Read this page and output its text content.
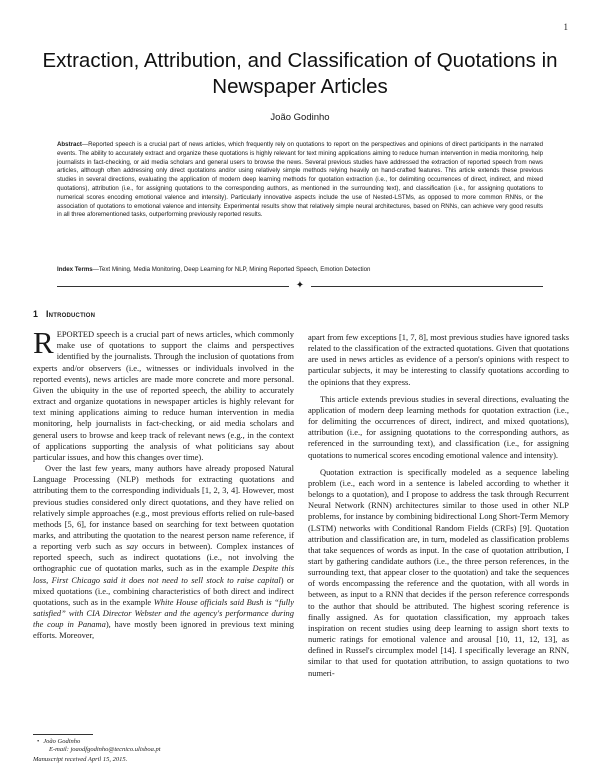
1
Extraction, Attribution, and Classification of Quotations in Newspaper Articles
João Godinho
Abstract—Reported speech is a crucial part of news articles, which frequently rely on quotations to report on the perspectives and opinions of direct participants in the narrated events. The ability to accurately extract and organize these quotations is highly relevant for text mining applications aiming to reduce human intervention in media monitoring, help journalists in fact-checking, or aid media scholars and general users to browse the news. Several previous studies have addressed the extraction of reported speech from news articles, although often addressing only direct quotations and/or using relatively simple methods relying heavily on hand-crafted features. This article extends these previous studies in several directions, evaluating the application of modern deep learning methods for quotation extraction (i.e., for delimiting occurrences of direct, indirect, and mixed quotations), attribution (i.e., for assigning quotations to the corresponding authors, as mentioned in the surrounding text), and classification (i.e., for assigning quotations to numerical scores encoding emotional valence and intensity). Particularly innovative aspects include the use of Nested-LSTMs, as opposed to more common RNNs, or the association of quotations to emotional valence and intensity. Experimental results show that relatively simple neural architectures, based on RNNs, can achieve very good results in all three aforementioned tasks, outperforming previously reported results.
Index Terms—Text Mining, Media Monitoring, Deep Learning for NLP, Mining Reported Speech, Emotion Detection
✦
1 Introduction

REPORTED speech is a crucial part of news articles, which commonly make use of quotations to support the claims and perspectives identified by the journalists. Through the inclusion of quotations from experts and/or observers (i.e., witnesses or individuals involved in the reported events), news articles are made more concrete and more personal. Given the ubiquity in the use of reported speech, the ability to accurately extract and organize quotations in newspaper articles is highly relevant for text mining applications aiming to reduce human intervention in media monitoring, help journalists in fact-checking, or aid media scholars and general users to browse and keep track of relevant news (e.g., in the context of applications supporting the analysis of what politicians say about particular issues, and how this changes over time).

Over the last few years, many authors have already proposed Natural Language Processing (NLP) methods for extracting quotations and attributing them to the corresponding individuals [1, 2, 3, 4]. However, most previous studies considered only direct quotations, and they have relied on relatively simple approaches (e.g., most previous efforts relied on rule-based methods [5, 6], for instance based on searching for text between quotation marks, and attributing the quotation to the nearest person name reference, if a reporting verb such as say occurs in between). Complex instances of reported speech, such as indirect quotations (i.e., not involving the orthographic cue of quotation marks, such as in the example Despite this loss, First Chicago said it does not need to sell stock to raise capital) or mixed quotations (i.e., combining characteristics of both direct and indirect quotations, such as in the example White House officials said Bush is “fully satisfied” with CIA Director Webster and the agency's performance during the coup in Panama), have mostly been ignored in previous text mining efforts. Moreover,

apart from few exceptions [1, 7, 8], most previous studies have ignored tasks related to the classification of the extracted quotations. Given that quotations are used in news articles as evidence of a person's opinions with respect to particular subjects, it may be interesting to classify quotations according to the opinions that they express.

This article extends previous studies in several directions, evaluating the application of modern deep learning methods for quotation extraction (i.e., for delimiting the occurrences of direct, indirect, and mixed quotations), attribution (i.e., for assigning quotations to the corresponding authors, as referenced in the surrounding text), and classification (i.e., for assigning quotations to numerical scores encoding emotional valence and intensity).

Quotation extraction is specifically modeled as a sequence labeling problem (i.e., each word in a sentence is labeled according to whether it belongs to a quotation), and I propose to address the task through Recurrent Neural Network (RNN) architectures similar to those used in other NLP problems, for instance by combining bidirectional Long Short-Term Memory (LSTM) networks with Conditional Random Fields (CRFs) [9]. Quotation attribution and classification are, in turn, modeled as classification problems that take sequences of words as input. In the case of quotation attribution, I start by gathering candidate authors (i.e., the three person references, in the surrounding text, that appear closer to the quotation) and take the sequences of words encompassing the reference and the quotation, with all words in between, as input to a RNN that decides if the person reference corresponds to the author that should be attributed. The highest scoring reference is finally assigned. As for quotation classification, my approach takes inspiration on recent studies using deep learning to assign short texts to numeric ratings for emotional valence and arousal [10, 11, 12, 13], as defined in Russel's circumplex model [14]. I specifically leverage an RNN, similar to that used for quotation attribution, to assign quotations to two numeri-

• João Godinho
E-mail: joaodfgodinho@tecnico.ulisboa.pt
Manuscript received April 15, 2015.
